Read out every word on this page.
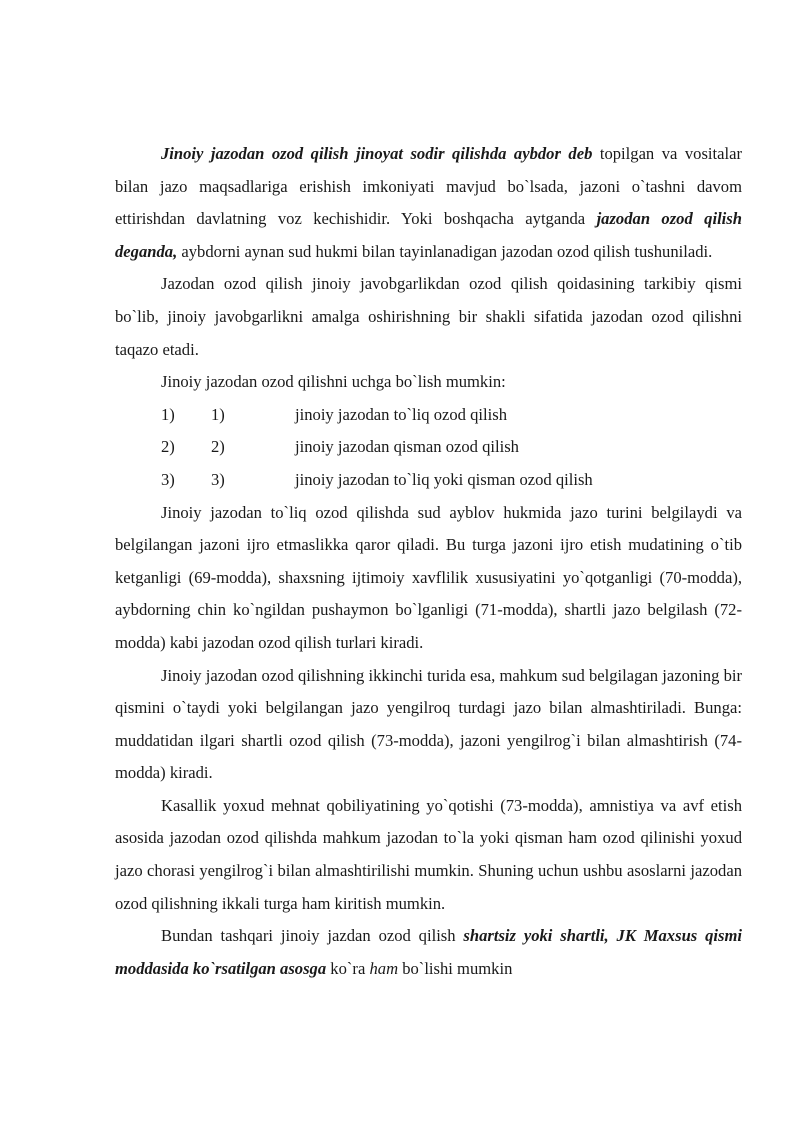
Jinoiy jazodan ozod qilish jinoyat sodir qilishda aybdor deb topilgan va vositalar bilan jazo maqsadlariga erishish imkoniyati mavjud bo`lsada, jazoni o`tashni davom ettirishdan davlatning voz kechishidir. Yoki boshqacha aytganda jazodan ozod qilish deganda, aybdorni aynan sud hukmi bilan tayinlanadigan jazodan ozod qilish tushuniladi.

Jazodan ozod qilish jinoiy javobgarlikdan ozod qilish qoidasining tarkibiy qismi bo`lib, jinoiy javobgarlikni amalga oshirishning bir shakli sifatida jazodan ozod qilishni taqazo etadi.

Jinoiy jazodan ozod qilishni uchga bo`lish mumkin:

1)	1)	jinoiy jazodan to`liq ozod qilish
2)	2)	jinoiy jazodan qisman ozod qilish
3)	3)	jinoiy jazodan to`liq yoki qisman ozod qilish

Jinoiy jazodan to`liq ozod qilishda sud ayblov hukmida jazo turini belgilaydi va belgilangan jazoni ijro etmaslikka qaror qiladi. Bu turga jazoni ijro etish mudatining o`tib ketganligi (69-modda), shaxsning ijtimoiy xavflilik xususiyatini yo`qotganligi (70-modda), aybdorning chin ko`ngildan pushaymon bo`lganligi (71-modda), shartli jazo belgilash (72-modda) kabi jazodan ozod qilish turlari kiradi.

Jinoiy jazodan ozod qilishning ikkinchi turida esa, mahkum sud belgilagan jazoning bir qismini o`taydi yoki belgilangan jazo yengilroq turdagi jazo bilan almashtiriladi. Bunga: muddatidan ilgari shartli ozod qilish (73-modda), jazoni yengilrog`i bilan almashtirish (74-modda) kiradi.

Kasallik yoxud mehnat qobiliyatining yo`qotishi (73-modda), amnistiya va avf etish asosida jazodan ozod qilishda mahkum jazodan to`la yoki qisman ham ozod qilinishi yoxud jazo chorasi yengilrog`i bilan almashtirilishi mumkin. Shuning uchun ushbu asoslarni jazodan ozod qilishning ikkali turga ham kiritish mumkin.

Bundan tashqari jinoiy jazdan ozod qilish shartsiz yoki shartli, JK Maxsus qismi moddasida ko`rsatilgan asosga ko`ra ham bo`lishi mumkin
